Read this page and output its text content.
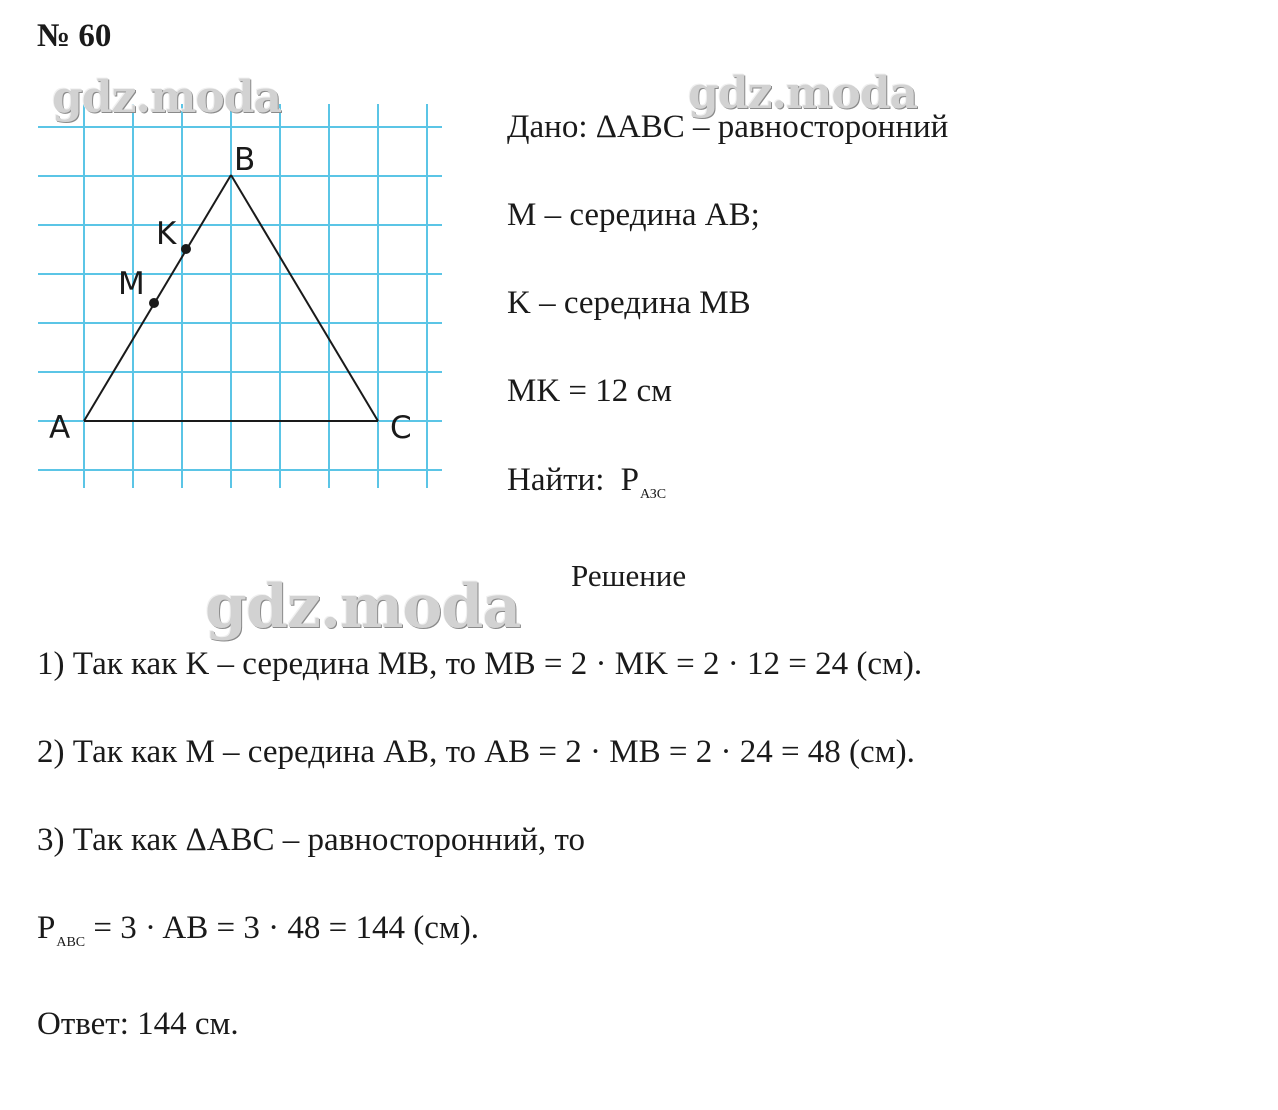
№ 60
B
K
M
A	C
gdz.moda	gdz.moda
Дано: ΔABC – равносторонний
M – середина AB;
K – середина MB
MK = 12 см
Найти: $P_{АЗС}$
Решение
gdz.moda
1) Так как K – середина MB, то MB = 2 · MK = 2 · 12 = 24 (см).
2) Так как M – середина AB, то AB = 2 · MB = 2 · 24 = 48 (см).
3) Так как ΔABC – равносторонний, то
$P_{ABC} = 3$ · AB = 3 · 48 = 144 (см).
Ответ: 144 см.
